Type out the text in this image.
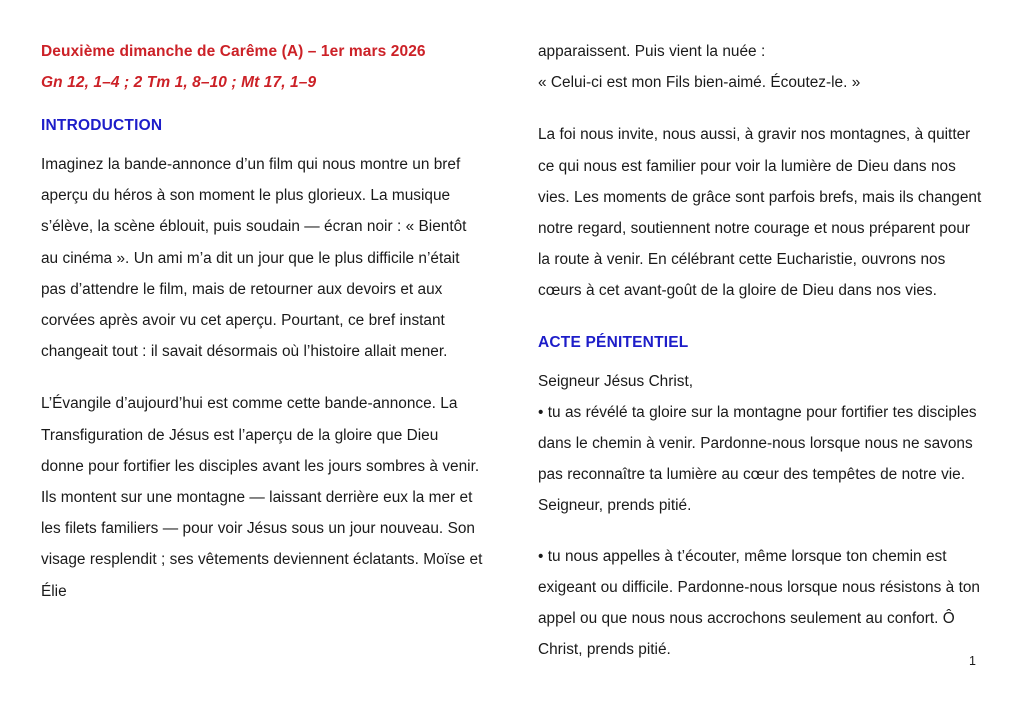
Deuxième dimanche de Carême (A) – 1er mars 2026
Gn 12, 1–4 ; 2 Tm 1, 8–10 ; Mt 17, 1–9
INTRODUCTION

Imaginez la bande-annonce d’un film qui nous montre un bref aperçu du héros à son moment le plus glorieux. La musique s’élève, la scène éblouit, puis soudain — écran noir : « Bientôt au cinéma ». Un ami m’a dit un jour que le plus difficile n’était pas d’attendre le film, mais de retourner aux devoirs et aux corvées après avoir vu cet aperçu. Pourtant, ce bref instant changeait tout : il savait désormais où l’histoire allait mener.

L’Évangile d’aujourd’hui est comme cette bande-annonce. La Transfiguration de Jésus est l’aperçu de la gloire que Dieu donne pour fortifier les disciples avant les jours sombres à venir. Ils montent sur une montagne — laissant derrière eux la mer et les filets familiers — pour voir Jésus sous un jour nouveau. Son visage resplendit ; ses vêtements deviennent éclatants. Moïse et Élie

apparaissent. Puis vient la nuée :

« Celui-ci est mon Fils bien-aimé. Écoutez-le. »

La foi nous invite, nous aussi, à gravir nos montagnes, à quitter ce qui nous est familier pour voir la lumière de Dieu dans nos vies. Les moments de grâce sont parfois brefs, mais ils changent notre regard, soutiennent notre courage et nous préparent pour la route à venir. En célébrant cette Eucharistie, ouvrons nos cœurs à cet avant-goût de la gloire de Dieu dans nos vies.

ACTE PÉNITENTIEL

Seigneur Jésus Christ,

• tu as révélé ta gloire sur la montagne pour fortifier tes disciples dans le chemin à venir. Pardonne-nous lorsque nous ne savons pas reconnaître ta lumière au cœur des tempêtes de notre vie. Seigneur, prends pitié.

• tu nous appelles à t’écouter, même lorsque ton chemin est exigeant ou difficile. Pardonne-nous lorsque nous résistons à ton appel ou que nous nous accrochons seulement au confort. Ô Christ, prends pitié.

1
